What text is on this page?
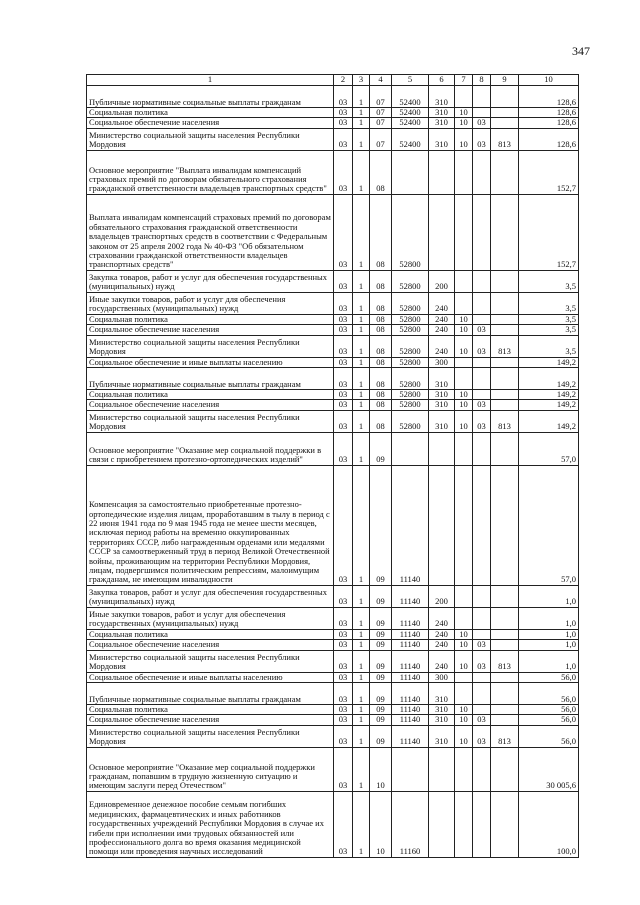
347
1	2	3	4	5	6	7	8	9	10
Публичные нормативные социальные выплаты гражданам	03	1	07	52400	310				128,6
Социальная политика	03	1	07	52400	310	10			128,6
Социальное обеспечение населения	03	1	07	52400	310	10	03		128,6
Министерство социальной защиты населения Республики Мордовия	03	1	07	52400	310	10	03	813	128,6
Основное мероприятие "Выплата инвалидам компенсаций страховых премий по договорам обязательного страхования гражданской ответственности владельцев транспортных средств"	03	1	08						152,7
Выплата инвалидам компенсаций страховых премий по договорам обязательного страхования гражданской ответственности владельцев транспортных средств в соответствии с Федеральным законом от 25 апреля 2002 года № 40-ФЗ "Об обязательном страховании гражданской ответственности владельцев транспортных средств"	03	1	08	52800					152,7
Закупка товаров, работ и услуг для обеспечения государственных (муниципальных) нужд	03	1	08	52800	200				3,5
Иные закупки товаров, работ и услуг для обеспечения государственных (муниципальных) нужд	03	1	08	52800	240				3,5
Социальная политика	03	1	08	52800	240	10			3,5
Социальное обеспечение населения	03	1	08	52800	240	10	03		3,5
Министерство социальной защиты населения Республики Мордовия	03	1	08	52800	240	10	03	813	3,5
Социальное обеспечение и иные выплаты населению	03	1	08	52800	300				149,2
Публичные нормативные социальные выплаты гражданам	03	1	08	52800	310				149,2
Социальная политика	03	1	08	52800	310	10			149,2
Социальное обеспечение населения	03	1	08	52800	310	10	03		149,2
Министерство социальной защиты населения Республики Мордовия	03	1	08	52800	310	10	03	813	149,2
Основное мероприятие "Оказание мер социальной поддержки в связи с приобретением протезно-ортопедических изделий"	03	1	09						57,0
Компенсация за самостоятельно приобретенные протезно-ортопедические изделия лицам, проработавшим в тылу в период с 22 июня 1941 года по 9 мая 1945 года не менее шести месяцев, исключая период работы на временно оккупированных территориях СССР, либо награжденным орденами или медалями СССР за самоотверженный труд в период Великой Отечественной войны, проживающим на территории Республики Мордовия, лицам, подвергшимся политическим репрессиям, малоимущим гражданам, не имеющим инвалидности	03	1	09	11140					57,0
Закупка товаров, работ и услуг для обеспечения государственных (муниципальных) нужд	03	1	09	11140	200				1,0
Иные закупки товаров, работ и услуг для обеспечения государственных (муниципальных) нужд	03	1	09	11140	240				1,0
Социальная политика	03	1	09	11140	240	10			1,0
Социальное обеспечение населения	03	1	09	11140	240	10	03		1,0
Министерство социальной защиты населения Республики Мордовия	03	1	09	11140	240	10	03	813	1,0
Социальное обеспечение и иные выплаты населению	03	1	09	11140	300				56,0
Публичные нормативные социальные выплаты гражданам	03	1	09	11140	310				56,0
Социальная политика	03	1	09	11140	310	10			56,0
Социальное обеспечение населения	03	1	09	11140	310	10	03		56,0
Министерство социальной защиты населения Республики Мордовия	03	1	09	11140	310	10	03	813	56,0
Основное мероприятие "Оказание мер социальной поддержки гражданам, попавшим в трудную жизненную ситуацию и имеющим заслуги перед Отечеством"	03	1	10						30 005,6
Единовременное денежное пособие семьям погибших медицинских, фармацевтических и иных работников государственных учреждений Республики Мордовия в случае их гибели при исполнении ими трудовых обязанностей или профессионального долга во время оказания медицинской помощи или проведения научных исследований	03	1	10	11160					100,0
